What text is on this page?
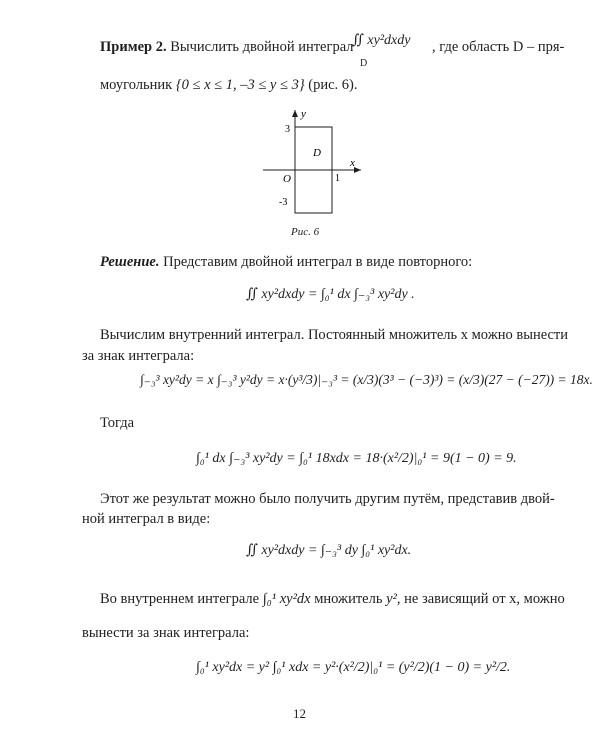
Пример 2. Вычислить двойной интеграл
∬ xy²dxdy
D
, где область D – пря-
моугольник {0 ≤ x ≤ 1, –3 ≤ y ≤ 3} (рис. 6).
y
x
O
D
3
-3
1
Рис. 6
Решение. Представим двойной интеграл в виде повторного:
∬ xy²dxdy = ∫₀¹ dx ∫₋₃³ xy²dy .
Вычислим внутренний интеграл. Постоянный множитель x можно вынести
за знак интеграла:
∫₋₃³ xy²dy = x ∫₋₃³ y²dy = x·(y³/3)|₋₃³ = (x/3)(3³ − (−3)³) = (x/3)(27 − (−27)) = 18x.
Тогда
∫₀¹ dx ∫₋₃³ xy²dy = ∫₀¹ 18xdx = 18·(x²/2)|₀¹ = 9(1 − 0) = 9.
Этот же результат можно было получить другим путём, представив двой-
ной интеграл в виде:
∬ xy²dxdy = ∫₋₃³ dy ∫₀¹ xy²dx.
Во внутреннем интеграле ∫₀¹ xy²dx множитель y², не зависящий от x, можно
вынести за знак интеграла:
∫₀¹ xy²dx = y² ∫₀¹ xdx = y²·(x²/2)|₀¹ = (y²/2)(1 − 0) = y²/2.
12
